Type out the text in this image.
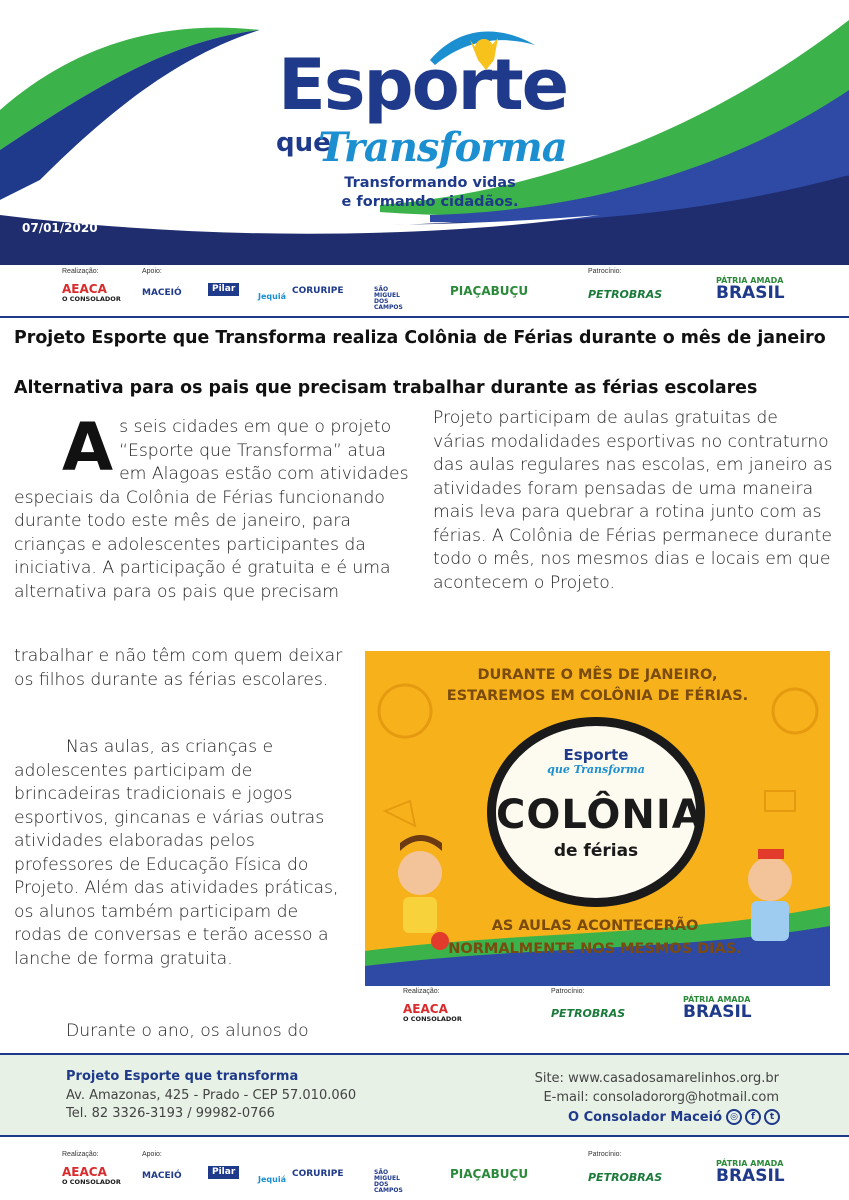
Esporte
que
Transforma
Transformando vidas
e formando cidadãos.
07/01/2020
Realização:	Apoio:	Patrocínio:
AEACA
O CONSOLADOR
MACEIÓ	Pilar
Jequiá
CORURIPE	SÃO MIGUEL DOS CAMPOS
PIAÇABUÇU	PETROBRAS
PÁTRIA AMADA
BRASIL
Projeto Esporte que Transforma realiza Colônia de Férias durante o mês de janeiro
Alternativa para os pais que precisam trabalhar durante as férias escolares
A s seis cidades em que o projeto “Esporte que Transforma” atua em Alagoas estão com atividades especiais da Colônia de Férias funcionando durante todo este mês de janeiro, para crianças e adolescentes participantes da iniciativa. A participação é gratuita e é uma alternativa para os pais que precisam

trabalhar e não têm com quem deixar os filhos durante as férias escolares.

Nas aulas, as crianças e adolescentes participam de brincadeiras tradicionais e jogos esportivos, gincanas e várias outras atividades elaboradas pelos professores de Educação Física do Projeto. Além das atividades práticas, os alunos também participam de rodas de conversas e terão acesso a lanche de forma gratuita.

Durante o ano, os alunos do

Projeto participam de aulas gratuitas de várias modalidades esportivas no contraturno das aulas regulares nas escolas, em janeiro as atividades foram pensadas de uma maneira mais leva para quebrar a rotina junto com as férias. A Colônia de Férias permanece durante todo o mês, nos mesmos dias e locais em que acontecem o Projeto.

DURANTE O MÊS DE JANEIRO,
ESTAREMOS EM COLÔNIA DE FÉRIAS.
Esporte
que Transforma
COLÔNIA
de férias
AS AULAS ACONTECERÃO
NORMALMENTE NOS MESMOS DIAS.
Realização:	Patrocínio:
AEACA
O CONSOLADOR	PETROBRAS
PÁTRIA AMADA
BRASIL
Projeto Esporte que transforma
Av. Amazonas, 425 - Prado - CEP 57.010.060
Tel. 82 3326-3193 / 99982-0766
Site: www.casadosamarelinhos.org.br
E-mail: consoladororg@hotmail.com
O Consolador Maceió ◎	f	t
Realização:	Apoio:	Patrocínio:
AEACA
O CONSOLADOR
MACEIÓ	Pilar
Jequiá
CORURIPE	SÃO MIGUEL DOS CAMPOS
PIAÇABUÇU	PETROBRAS
PÁTRIA AMADA
BRASIL
